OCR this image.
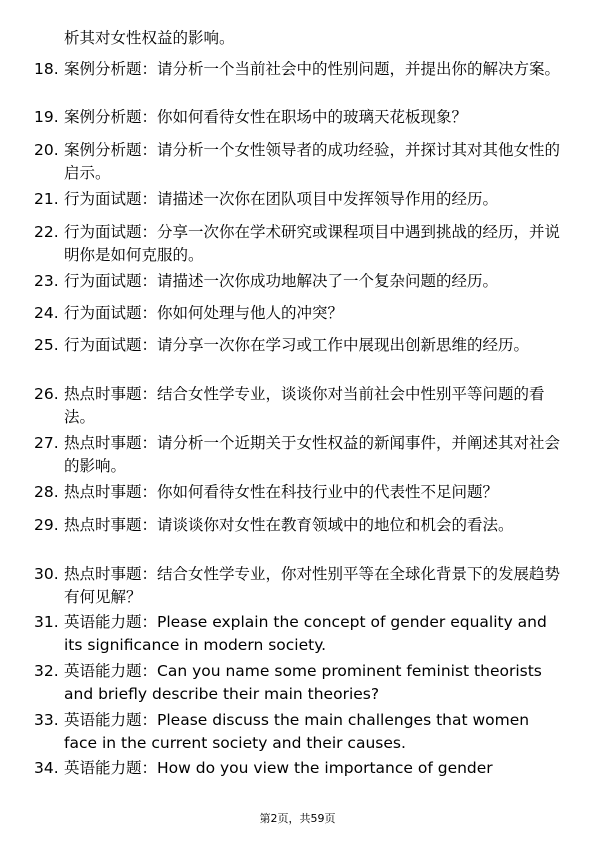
析其对女性权益的影响。
18. 案例分析题：请分析一个当前社会中的性别问题，并提出你的解决方案。
19. 案例分析题：你如何看待女性在职场中的玻璃天花板现象？
20. 案例分析题：请分析一个女性领导者的成功经验，并探讨其对其他女性的启示。
21. 行为面试题：请描述一次你在团队项目中发挥领导作用的经历。
22. 行为面试题：分享一次你在学术研究或课程项目中遇到挑战的经历，并说明你是如何克服的。
23. 行为面试题：请描述一次你成功地解决了一个复杂问题的经历。
24. 行为面试题：你如何处理与他人的冲突？
25. 行为面试题：请分享一次你在学习或工作中展现出创新思维的经历。
26. 热点时事题：结合女性学专业，谈谈你对当前社会中性别平等问题的看法。
27. 热点时事题：请分析一个近期关于女性权益的新闻事件，并阐述其对社会的影响。
28. 热点时事题：你如何看待女性在科技行业中的代表性不足问题？
29. 热点时事题：请谈谈你对女性在教育领域中的地位和机会的看法。
30. 热点时事题：结合女性学专业，你对性别平等在全球化背景下的发展趋势有何见解？
31. 英语能力题：Please explain the concept of gender equality and its significance in modern society.
32. 英语能力题：Can you name some prominent feminist theorists and briefly describe their main theories?
33. 英语能力题：Please discuss the main challenges that women face in the current society and their causes.
34. 英语能力题：How do you view the importance of gender
第2页，共59页
